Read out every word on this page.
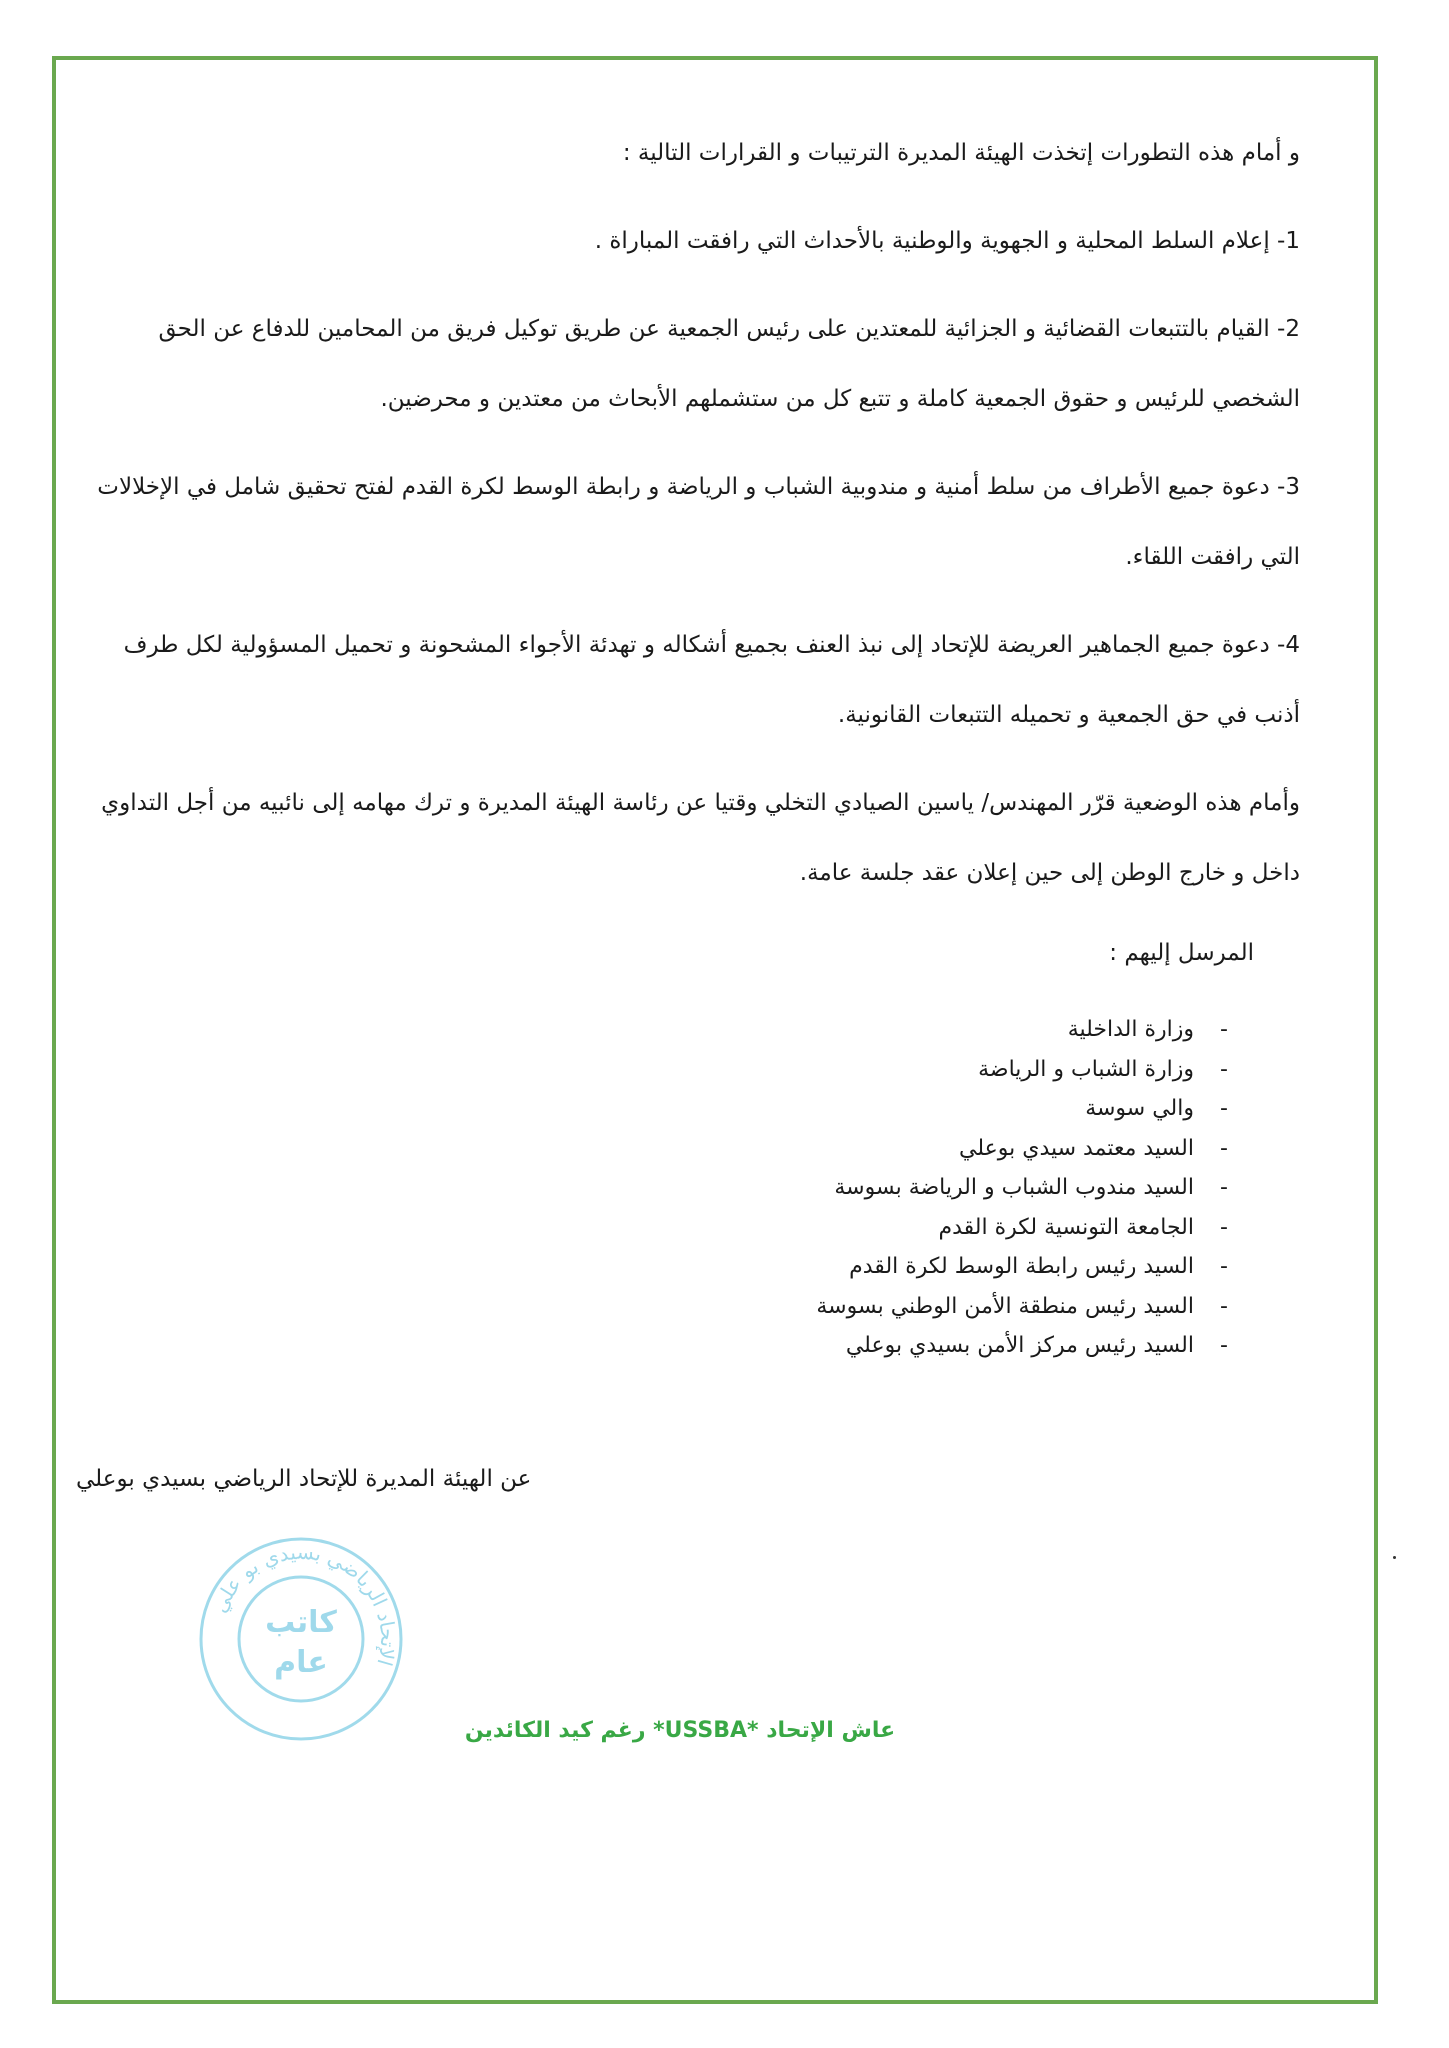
و أمام هذه التطورات إتخذت الهيئة المديرة الترتيبات و القرارات التالية :

1- إعلام السلط المحلية و الجهوية والوطنية بالأحداث التي رافقت المباراة .

2- القيام بالتتبعات القضائية و الجزائية للمعتدين على رئيس الجمعية عن طريق توكيل فريق من المحامين للدفاع عن الحق الشخصي للرئيس و حقوق الجمعية كاملة و تتبع كل من ستشملهم الأبحاث من معتدين و محرضين.

3- دعوة جميع الأطراف من سلط أمنية و مندوبية الشباب و الرياضة و رابطة الوسط لكرة القدم لفتح تحقيق شامل في الإخلالات التي رافقت اللقاء.

4- دعوة جميع الجماهير العريضة للإتحاد إلى نبذ العنف بجميع أشكاله و تهدئة الأجواء المشحونة و تحميل المسؤولية لكل طرف أذنب في حق الجمعية و تحميله التتبعات القانونية.

وأمام هذه الوضعية قرّر المهندس/ ياسين الصيادي التخلي وقتيا عن رئاسة الهيئة المديرة و ترك مهامه إلى نائبيه من أجل التداوي داخل و خارج الوطن إلى حين إعلان عقد جلسة عامة.

المرسل إليهم :

-
وزارة الداخلية
-
وزارة الشباب و الرياضة
-
والي سوسة
-
السيد معتمد سيدي بوعلي
-
السيد مندوب الشباب و الرياضة بسوسة
-
الجامعة التونسية لكرة القدم
-
السيد رئيس رابطة الوسط لكرة القدم
-
السيد رئيس منطقة الأمن الوطني بسوسة
-
السيد رئيس مركز الأمن بسيدي بوعلي
عن الهيئة المديرة للإتحاد الرياضي بسيدي بوعلي
الإتحاد الرياضي بسيدي بو علي
كاتب
عام
عاش الإتحاد *USSBA* رغم كيد الكائدين
